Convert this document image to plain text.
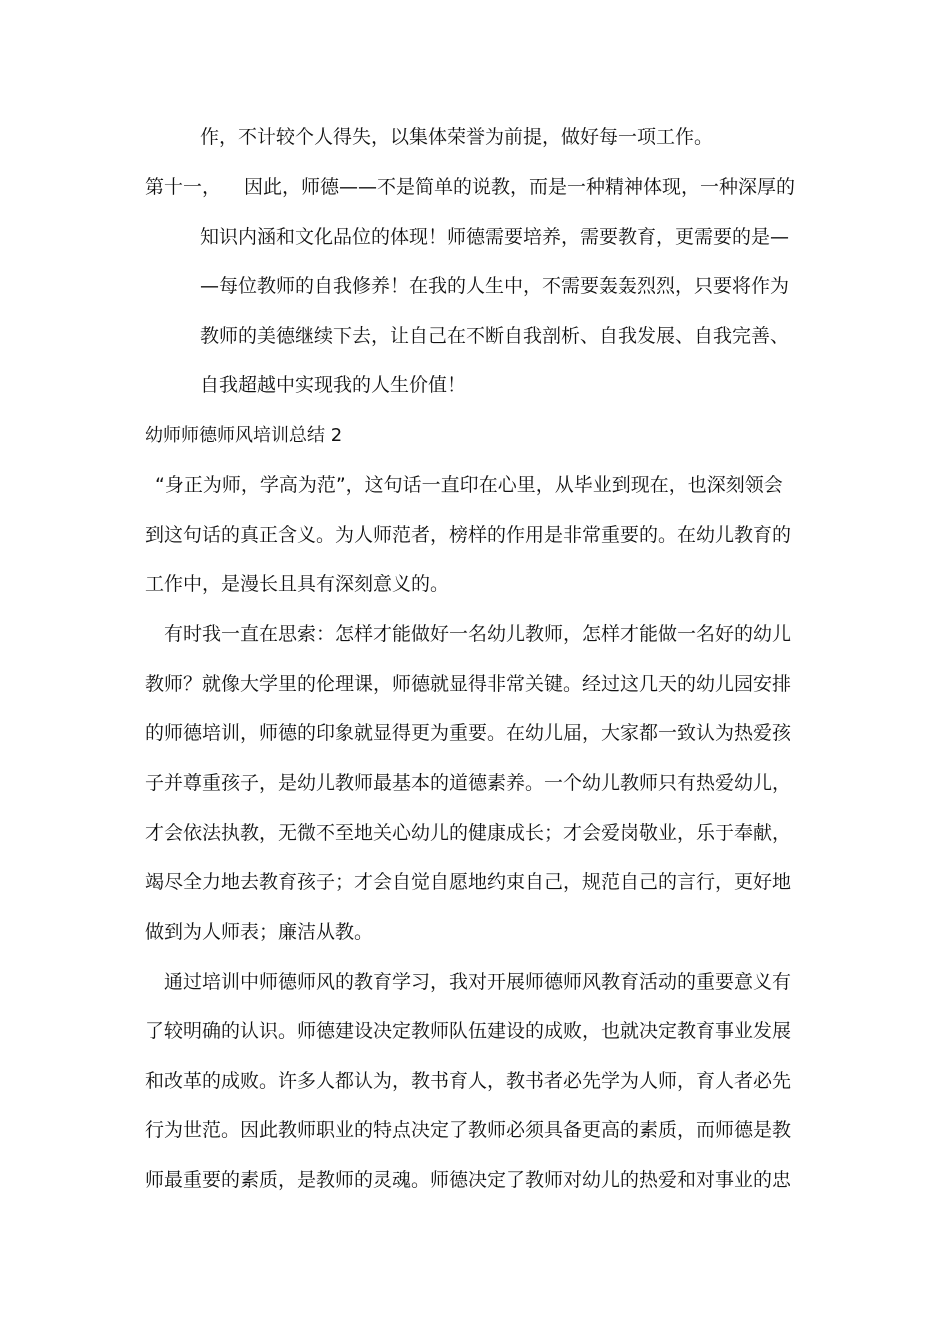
作，不计较个人得失，以集体荣誉为前提，做好每一项工作。
第十一， 因此，师德——不是简单的说教，而是一种精神体现，一种深厚的
知识内涵和文化品位的体现！师德需要培养，需要教育，更需要的是—
—每位教师的自我修养！在我的人生中，不需要轰轰烈烈，只要将作为
教师的美德继续下去，让自己在不断自我剖析、自我发展、自我完善、
自我超越中实现我的人生价值！
幼师师德师风培训总结 2
“身正为师，学高为范”，这句话一直印在心里，从毕业到现在，也深刻领会
到这句话的真正含义。为人师范者，榜样的作用是非常重要的。在幼儿教育的
工作中，是漫长且具有深刻意义的。
有时我一直在思索：怎样才能做好一名幼儿教师，怎样才能做一名好的幼儿
教师？就像大学里的伦理课，师德就显得非常关键。经过这几天的幼儿园安排
的师德培训，师德的印象就显得更为重要。在幼儿届，大家都一致认为热爱孩
子并尊重孩子，是幼儿教师最基本的道德素养。一个幼儿教师只有热爱幼儿，
才会依法执教，无微不至地关心幼儿的健康成长；才会爱岗敬业，乐于奉献，
竭尽全力地去教育孩子；才会自觉自愿地约束自己，规范自己的言行，更好地
做到为人师表；廉洁从教。
通过培训中师德师风的教育学习，我对开展师德师风教育活动的重要意义有
了较明确的认识。师德建设决定教师队伍建设的成败，也就决定教育事业发展
和改革的成败。许多人都认为，教书育人，教书者必先学为人师，育人者必先
行为世范。因此教师职业的特点决定了教师必须具备更高的素质，而师德是教
师最重要的素质，是教师的灵魂。师德决定了教师对幼儿的热爱和对事业的忠
